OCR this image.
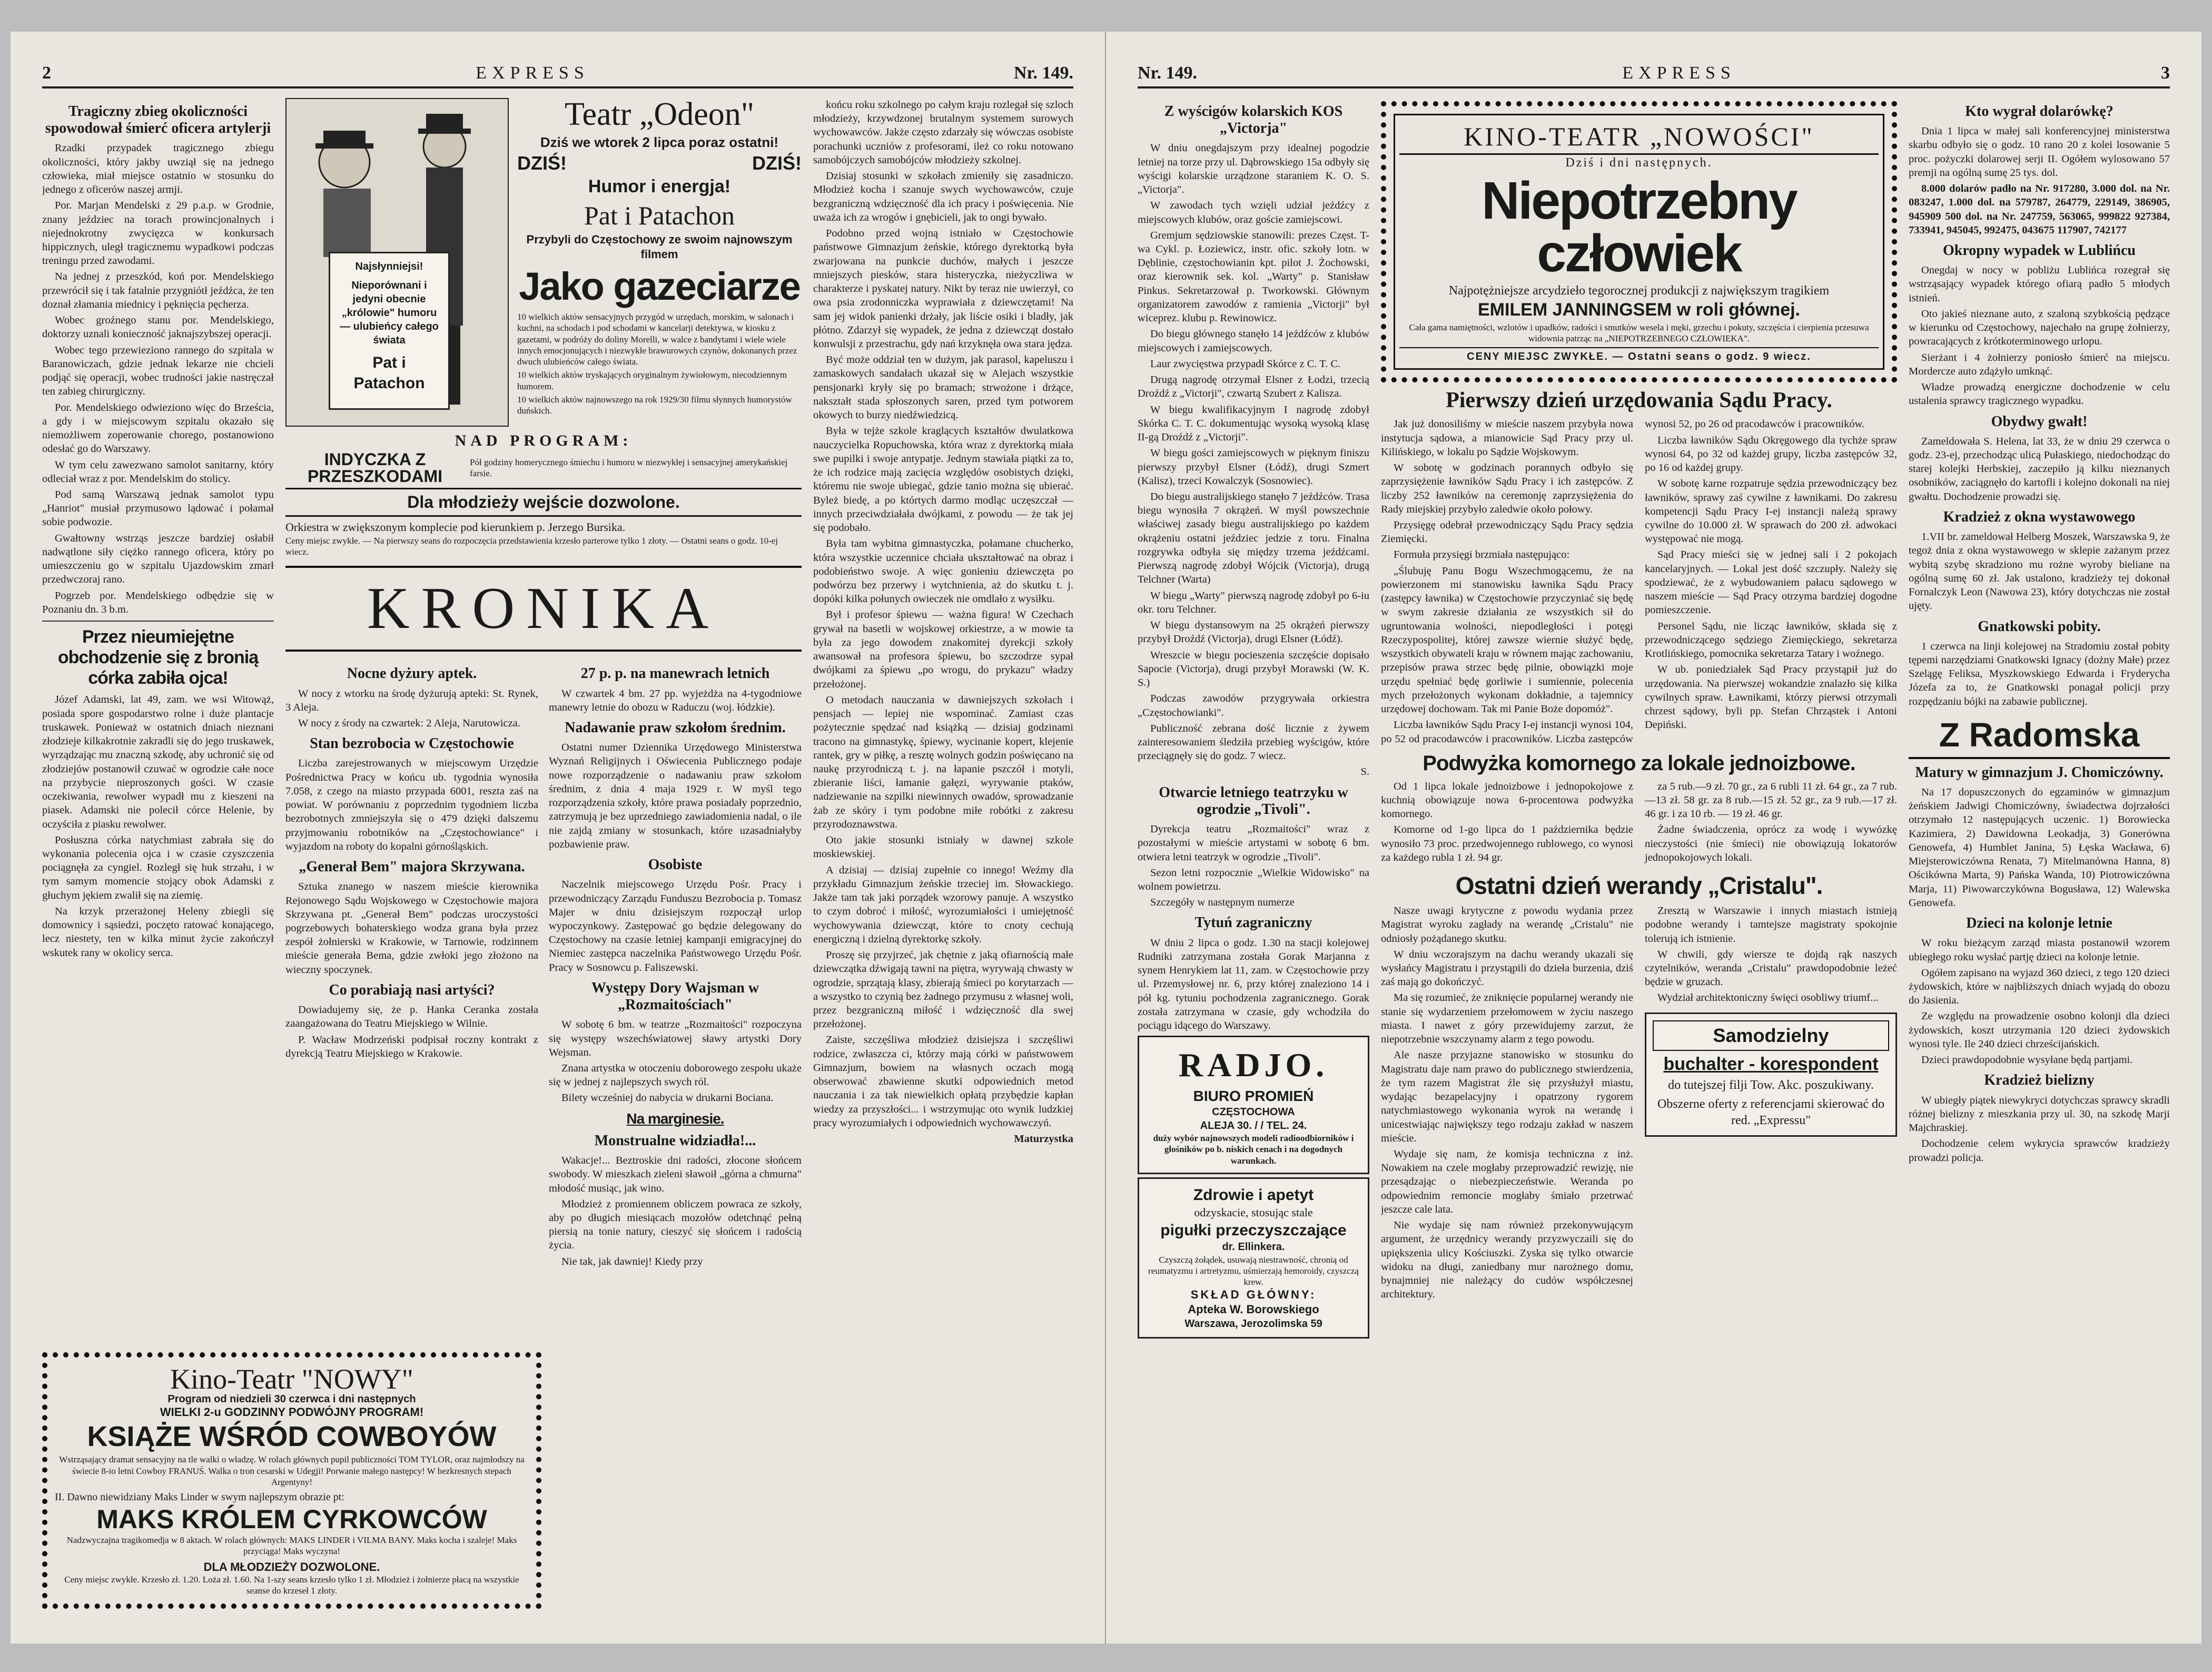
2	EXPRESS	Nr. 149.
Tragiczny zbieg okoliczności spowodował śmierć oficera artylerji

Rzadki przypadek tragicznego zbiegu okoliczności, który jakby uwziął się na jednego człowieka, miał miejsce ostatnio w stosunku do jednego z oficerów naszej armji.

Por. Marjan Mendelski z 29 p.a.p. w Grodnie, znany jeździec na torach prowincjonalnych i niejednokrotny zwycięzca w konkursach hippicznych, uległ tragicznemu wypadkowi podczas treningu przed zawodami.

Na jednej z przeszkód, koń por. Mendelskiego przewrócił się i tak fatalnie przygniótł jeźdźca, że ten doznał złamania miednicy i pęknięcia pęcherza.

Wobec groźnego stanu por. Mendelskiego, doktorzy uznali konieczność jaknajszybszej operacji.

Wobec tego przewieziono rannego do szpitala w Baranowiczach, gdzie jednak lekarze nie chcieli podjąć się operacji, wobec trudności jakie nastręczał ten zabieg chirurgiczny.

Por. Mendelskiego odwieziono więc do Brześcia, a gdy i w miejscowym szpitalu okazało się niemożliwem zoperowanie chorego, postanowiono odesłać go do Warszawy.

W tym celu zawezwano samolot sanitarny, który odleciał wraz z por. Mendelskim do stolicy.

Pod samą Warszawą jednak samolot typu „Hanriot" musiał przymusowo lądować i połamał sobie podwozie.

Gwałtowny wstrząs jeszcze bardziej osłabił nadwątlone siły ciężko rannego oficera, który po umieszczeniu go w szpitalu Ujazdowskim zmarł przedwczoraj rano.

Pogrzeb por. Mendelskiego odbędzie się w Poznaniu dn. 3 b.m.

Przez nieumiejętne obchodzenie się z bronią córka zabiła ojca!

Józef Adamski, lat 49, zam. we wsi Witowąż, posiada spore gospodarstwo rolne i duże plantacje truskawek. Ponieważ w ostatnich dniach nieznani złodzieje kilkakrotnie zakradli się do jego truskawek, wyrządzając mu znaczną szkodę, aby uchronić się od złodziejów postanowił czuwać w ogrodzie całe noce na przybycie nieproszonych gości. W czasie oczekiwania, rewolwer wypadł mu z kieszeni na piasek. Adamski nie polecił córce Helenie, by oczyściła z piasku rewolwer.

Posłuszna córka natychmiast zabrała się do wykonania polecenia ojca i w czasie czyszczenia pociągnęła za cyngiel. Rozległ się huk strzału, i w tym samym momencie stojący obok Adamski z głuchym jękiem zwalił się na ziemię.

Na krzyk przerażonej Heleny zbiegli się domownicy i sąsiedzi, poczęto ratować konającego, lecz niestety, ten w kilka minut życie zakończył wskutek rany w okolicy serca.

Najsłynniejsi!
Nieporównani i jedyni obecnie „królowie" humoru — ulubieńcy całego świata
Pat i Patachon
Teatr „Odeon"
Dziś we wtorek 2 lipca poraz ostatni!
DZIŚ!	DZIŚ!
Humor i energja!
Pat i Patachon
Przybyli do Częstochowy ze swoim najnowszym filmem
Jako gazeciarze
10 wielkich aktów sensacyjnych przygód w urzędach, morskim, w salonach i kuchni, na schodach i pod schodami w kancelarji detektywa, w kiosku z gazetami, w podróży do doliny Morelli, w walce z bandytami i wiele wiele innych emocjonujących i niezwykłe brawurowych czynów, dokonanych przez dwuch ulubieńców całego świata.
10 wielkich aktów tryskających oryginalnym żywiołowym, niecodziennym humorem.
10 wielkich aktów najnowszego na rok 1929/30 filmu słynnych humorystów duńskich.
NAD PROGRAM:
INDYCZKA Z PRZESZKODAMI
Pół godziny homerycznego śmiechu i humoru w niezwykłej i sensacyjnej amerykańskiej farsie.
Dla młodzieży wejście dozwolone.
Orkiestra w zwiększonym komplecie pod kierunkiem p. Jerzego Bursika.
Ceny miejsc zwykłe. — Na pierwszy seans do rozpoczęcia przedstawienia krzesło parterowe tylko 1 złoty. — Ostatni seans o godz. 10-ej wiecz.
KRONIKA
Nocne dyżury aptek.

W nocy z wtorku na środę dyżurują apteki: St. Rynek, 3 Aleja.

W nocy z środy na czwartek: 2 Aleja, Narutowicza.

Stan bezrobocia w Częstochowie

Liczba zarejestrowanych w miejscowym Urzędzie Pośrednictwa Pracy w końcu ub. tygodnia wynosiła 7.058, z czego na miasto przypada 6001, reszta zaś na powiat. W porównaniu z poprzednim tygodniem liczba bezrobotnych zmniejszyła się o 479 dzięki dalszemu przyjmowaniu robotników na „Częstochowiance" i wyjazdom na roboty do kopalni górnośląskich.

„Generał Bem" majora Skrzywana.

Sztuka znanego w naszem mieście kierownika Rejonowego Sądu Wojskowego w Częstochowie majora Skrzywana pt. „Generał Bem" podczas uroczystości pogrzebowych bohaterskiego wodza grana była przez zespół żołnierski w Krakowie, w Tarnowie, rodzinnem mieście generała Bema, gdzie zwłoki jego złożono na wieczny spoczynek.

Co porabiają nasi artyści?

Dowiadujemy się, że p. Hanka Ceranka została zaangażowana do Teatru Miejskiego w Wilnie.

P. Wacław Modrzeński podpisał roczny kontrakt z dyrekcją Teatru Miejskiego w Krakowie.

27 p. p. na manewrach letnich

W czwartek 4 bm. 27 pp. wyjeżdża na 4-tygodniowe manewry letnie do obozu w Raduczu (woj. łódzkie).

Nadawanie praw szkołom średnim.

Ostatni numer Dziennika Urzędowego Ministerstwa Wyznań Religijnych i Oświecenia Publicznego podaje nowe rozporządzenie o nadawaniu praw szkołom średnim, z dnia 4 maja 1929 r. W myśl tego rozporządzenia szkoły, które prawa posiadały poprzednio, zatrzymują je bez uprzedniego zawiadomienia nadal, o ile nie zajdą zmiany w stosunkach, które uzasadniałyby pozbawienie praw.

Osobiste

Naczelnik miejscowego Urzędu Pośr. Pracy i przewodniczący Zarządu Funduszu Bezrobocia p. Tomasz Majer w dniu dzisiejszym rozpoczął urlop wypoczynkowy. Zastępować go będzie delegowany do Częstochowy na czasie letniej kampanji emigracyjnej do Niemiec zastępca naczelnika Państwowego Urzędu Pośr. Pracy w Sosnowcu p. Faliszewski.

Występy Dory Wajsman w „Rozmaitościach"

W sobotę 6 bm. w teatrze „Rozmaitości" rozpoczyna się występy wszechświatowej sławy artystki Dory Wejsman.

Znana artystka w otoczeniu doborowego zespołu ukaże się w jednej z najlepszych swych ról.

Bilety wcześniej do nabycia w drukarni Bociana.

Na marginesie.
Monstrualne widziadła!...

Wakacje!... Beztroskie dni radości, złocone słońcem swobody. W mieszkach zieleni sławoił „górna a chmurna" młodość musiąc, jak wino.

Młodzież z promiennem obliczem powraca ze szkoły, aby po długich miesiącach mozołów odetchnąć pełną piersią na tonie natury, cieszyć się słońcem i radością życia.

Nie tak, jak dawniej! Kiedy przy

końcu roku szkolnego po całym kraju rozlegał się szloch młodzieży, krzywdzonej brutalnym systemem surowych wychowawców. Jakże często zdarzały się wówczas osobiste porachunki uczniów z profesorami, ileż co roku notowano samobójczych samobójców młodzieży szkolnej.

Dzisiaj stosunki w szkołach zmieniły się zasadniczo. Młodzież kocha i szanuje swych wychowawców, czuje bezgraniczną wdzięczność dla ich pracy i poświęcenia. Nie uważa ich za wrogów i gnębicieli, jak to ongi bywało.

Podobno przed wojną istniało w Częstochowie państwowe Gimnazjum żeńskie, którego dyrektorką była zwarjowana na punkcie duchów, małych i jeszcze mniejszych piesków, stara histeryczka, nieżyczliwa w charakterze i pyskatej natury. Nikt by teraz nie uwierzył, co owa psia zrodonniczka wyprawiała z dziewczętami! Na sam jej widok panienki drżały, jak liście osiki i bladły, jak płótno. Zdarzył się wypadek, że jedna z dziewcząt dostało konwulsji z przestrachu, gdy nań krzyknęła owa stara jędza.

Być może oddział ten w dużym, jak parasol, kapeluszu i zamaskowych sandałach ukazał się w Alejach wszystkie pensjonarki kryły się po bramach; strwożone i drżące, nakształt stada spłoszonych saren, przed tym potworem okowych to burzy niedźwiedzicą.

Była w tejże szkole kraglących kształtów dwulatkowa nauczycielka Ropuchowska, która wraz z dyrektorką miała swe pupilki i swoje antypatje. Jednym stawiała piątki za to, że ich rodzice mają zacięcia względów osobistych dzięki, któremu nie swoje ubiegać, gdzie tanio można się ubierać. Byleż biedę, a po którtych darmo modląc uczęszczał — innych przeciwdziałała dwójkami, z powodu — że tak jej się podobało.

Była tam wybitna gimnastyczka, połamane chucherko, która wszystkie uczennice chciała ukształtować na obraz i podobieństwo swoje. A więc gonieniu dziewczęta po podwórzu bez przerwy i wytchnienia, aż do skutku t. j. dopóki kilka połunych owieczek nie omdlało z wysiłku.

Był i profesor śpiewu — ważna figura! W Czechach grywał na basetli w wojskowej orkiestrze, a w mowie ta była za jego dowodem znakomitej dyrekcji szkoły awansował na profesora śpiewu, bo szczodrze sypał dwójkami za śpiewu „po wrogu, do prykazu" władzy przełożonej.

O metodach nauczania w dawniejszych szkołach i pensjach — lepiej nie wspominać. Zamiast czas pożytecznie spędzać nad książką — dzisiaj godzinami tracono na gimnastykę, śpiewy, wycinanie kopert, klejenie rantek, gry w piłkę, a resztę wolnych godzin poświęcano na naukę przyrodniczą t. j. na łapanie pszczół i motyli, zbieranie liści, łamanie gałęzi, wyrywanie ptaków, nadziewanie na szpilki niewinnych owadów, sprowadzanie żab ze skóry i tym podobne miłe robótki z zakresu przyrodoznawstwa.

Oto jakie stosunki istniały w dawnej szkole moskiewskiej.

A dzisiaj — dzisiaj zupełnie co innego! Weźmy dla przykładu Gimnazjum żeńskie trzeciej im. Słowackiego. Jakże tam tak jaki porządek wzorowy panuje. A wszystko to czym dobroć i miłość, wyrozumiałości i umiejętność wychowywania dziewcząt, które to cnoty cechują energiczną i dzielną dyrektorkę szkoły.

Proszę się przyjrzeć, jak chętnie z jaką ofiarnością małe dziewczątka dźwigają tawni na piętra, wyrywają chwasty w ogrodzie, sprzątają klasy, zbierają śmieci po korytarzach — a wszystko to czynią bez żadnego przymusu z własnej woli, przez bezgraniczną miłość i wdzięczność dla swej przełożonej.

Zaiste, szczęśliwa młodzież dzisiejsza i szczęśliwi rodzice, zwłaszcza ci, którzy mają córki w państwowem Gimnazjum, bowiem na własnych oczach mogą obserwować zbawienne skutki odpowiednich metod nauczania i za tak niewielkich opłatą przybędzie kapłan wiedzy za przyszłości... i wstrzymując oto wynik ludzkiej pracy wyrozumiałych i odpowiednich wychowawczyń.

Maturzystka
Kino-Teatr "NOWY"
Program od niedzieli 30 czerwca i dni następnych
WIELKI 2-u GODZINNY PODWÓJNY PROGRAM!
KSIĄŻE WŚRÓD COWBOYÓW
Wstrząsający dramat sensacyjny na tle walki o władzę. W rolach głównych pupil publiczności TOM TYLOR, oraz najmłodszy na świecie 8-io letni Cowboy FRANUŚ. Walka o tron cesarski w Udegji! Porwanie małego następcy! W bezkresnych stepach Argentyny!
II. Dawno niewidziany Maks Linder w swym najlepszym obrazie pt:
MAKS KRÓLEM CYRKOWCÓW
Nadzwyczajna tragikomedja w 8 aktach. W rolach głównych: MAKS LINDER i VILMA BANY. Maks kocha i szaleje! Maks przyciąga! Maks wyczyna!
DLA MŁODZIEŻY DOZWOLONE.
Ceny miejsc zwykłe. Krzesło zł. 1.20. Loża zł. 1.60. Na 1-szy seans krzesło tylko 1 zł. Młodzież i żołnierze płacą na wszystkie seanse do krzeseł 1 złoty.
Nr. 149.	EXPRESS	3
Z wyścigów kolarskich KOS „Victorja"

W dniu onegdajszym przy idealnej pogodzie letniej na torze przy ul. Dąbrowskiego 15a odbyły się wyścigi kolarskie urządzone staraniem K. O. S. „Victorja".

W zawodach tych wzięli udział jeźdźcy z miejscowych klubów, oraz goście zamiejscowi.

Gremjum sędziowskie stanowili: prezes Częst. T-wa Cykl. p. Łoziewicz, instr. ofic. szkoły lotn. w Dęblinie, częstochowianin kpt. pilot J. Żochowski, oraz kierownik sek. kol. „Warty" p. Stanisław Pinkus. Sekretarzował p. Tworkowski. Głównym organizatorem zawodów z ramienia „Victorji" był wiceprez. klubu p. Rewinowicz.

Do biegu głównego stanęło 14 jeźdźców z klubów miejscowych i zamiejscowych.

Laur zwycięstwa przypadł Skórce z C. T. C.

Drugą nagrodę otrzymał Elsner z Łodzi, trzecią Droźdź z „Victorji", czwartą Szubert z Kalisza.

W biegu kwalifikacyjnym I nagrodę zdobył Skórka C. T. C. dokumentując wysoką wysoką klasę II-gą Droźdź z „Victorji".

W biegu gości zamiejscowych w pięknym finiszu pierwszy przybył Elsner (Łódź), drugi Szmert (Kalisz), trzeci Kowalczyk (Sosnowiec).

Do biegu australijskiego stanęło 7 jeźdźców. Trasa biegu wynosiła 7 okrążeń. W myśl powszechnie właściwej zasady biegu australijskiego po każdem okrążeniu ostatni jeździec jedzie z toru. Finalna rozgrywka odbyła się między trzema jeźdźcami. Pierwszą nagrodę zdobył Wójcik (Victorja), drugą Telchner (Warta)

W biegu „Warty" pierwszą nagrodę zdobył po 6-iu okr. toru Telchner.

W biegu dystansowym na 25 okrążeń pierwszy przybył Droźdź (Victorja), drugi Elsner (Łódź).

Wreszcie w biegu pocieszenia szczęście dopisało Sapocie (Victorja), drugi przybył Morawski (W. K. S.)

Podczas zawodów przygrywała orkiestra „Częstochowianki".

Publiczność zebrana dość licznie z żywem zainteresowaniem śledziła przebieg wyścigów, które przeciągnęły się do godz. 7 wiecz.

S.
Otwarcie letniego teatrzyku w ogrodzie „Tivoli".

Dyrekcja teatru „Rozmaitości" wraz z pozostałymi w mieście artystami w sobotę 6 bm. otwiera letni teatrzyk w ogrodzie „Tivoli".

Sezon letni rozpocznie „Wielkie Widowisko" na wolnem powietrzu.

Szczegóły w następnym numerze

Tytuń zagraniczny

W dniu 2 lipca o godz. 1.30 na stacji kolejowej Rudniki zatrzymana została Gorak Marjanna z synem Henrykiem lat 11, zam. w Częstochowie przy ul. Przemysłowej nr. 6, przy której znaleziono 14 i pół kg. tytuniu pochodzenia zagranicznego. Gorak została zatrzymana w czasie, gdy wchodziła do pociągu idącego do Warszawy.

RADJO.
BIURO PROMIEŃ
CZĘSTOCHOWA
ALEJA 30. / / TEL. 24.
duży wybór najnowszych modeli radioodbiorników i głośników po b. niskich cenach i na dogodnych warunkach.
Zdrowie i apetyt
odzyskacie, stosując stale
pigułki przeczyszczające
dr. Ellinkera.
Czyszczą żołądek, usuwają niestrawność, chronią od reumatyzmu i artretyzmu, uśmierzają hemoroidy, czyszczą krew.
SKŁAD GŁÓWNY:
Apteka W. Borowskiego
Warszawa, Jerozolimska 59
KINO-TEATR „NOWOŚCI"
Dziś i dni następnych.
Niepotrzebny człowiek
Najpotężniejsze arcydzieło tegorocznej produkcji z największym tragikiem
EMILEM JANNINGSEM w roli głównej.
Cała gama namiętności, wzlotów i upadków, radości i smutków wesela i męki, grzechu i pokuty, szczęścia i cierpienia przesuwa widownia patrząc na „NIEPOTRZEBNEGO CZŁOWIEKA".
CENY MIEJSC ZWYKŁE. — Ostatni seans o godz. 9 wiecz.
Pierwszy dzień urzędowania Sądu Pracy.

Jak już donosiliśmy w mieście naszem przybyła nowa instytucja sądowa, a mianowicie Sąd Pracy przy ul. Kilińskiego, w lokalu po Sądzie Wojskowym.

W sobotę w godzinach porannych odbyło się zaprzysiężenie ławników Sądu Pracy i ich zastępców. Z liczby 252 ławników na ceremonję zaprzysiężenia do Rady miejskiej przybyło zaledwie około połowy.

Przysięgę odebrał przewodniczący Sądu Pracy sędzia Ziemięcki.

Formuła przysięgi brzmiała następująco:

„Ślubuję Panu Bogu Wszechmogącemu, że na powierzonem mi stanowisku ławnika Sądu Pracy (zastępcy ławnika) w Częstochowie przyczyniać się będę w swym zakresie działania ze wszystkich sił do ugruntowania wolności, niepodległości i potęgi Rzeczypospolitej, której zawsze wiernie służyć będę, wszystkich obywateli kraju w równem mając zachowaniu, przepisów prawa strzec będę pilnie, obowiązki moje urzędu spełniać będę gorliwie i sumiennie, polecenia mych przełożonych wykonam dokładnie, a tajemnicy urzędowej dochowam. Tak mi Panie Boże dopomóż".

Liczba ławników Sądu Pracy I-ej instancji wynosi 104, po 52 od pracodawców i pracowników. Liczba zastępców wynosi 52, po 26 od pracodawców i pracowników.

Liczba ławników Sądu Okręgowego dla tychże spraw wynosi 64, po 32 od każdej grupy, liczba zastępców 32, po 16 od każdej grupy.

W sobotę karne rozpatruje sędzia przewodniczący bez ławników, sprawy zaś cywilne z ławnikami. Do zakresu kompetencji Sądu Pracy I-ej instancji należą sprawy cywilne do 10.000 zł. W sprawach do 200 zł. adwokaci występować nie mogą.

Sąd Pracy mieści się w jednej sali i 2 pokojach kancelaryjnych. — Lokal jest dość szczupły. Należy się spodziewać, że z wybudowaniem pałacu sądowego w naszem mieście — Sąd Pracy otrzyma bardziej dogodne pomieszczenie.

Personel Sądu, nie licząc ławników, składa się z przewodniczącego sędziego Ziemięckiego, sekretarza Krotlińskiego, pomocnika sekretarza Tatary i woźnego.

W ub. poniedziałek Sąd Pracy przystąpił już do urzędowania. Na pierwszej wokandzie znalazło się kilka cywilnych spraw. Ławnikami, którzy pierwsi otrzymali chrzest sądowy, byli pp. Stefan Chrząstek i Antoni Depiński.

Podwyżka komornego za lokale jednoizbowe.

Od 1 lipca lokale jednoizbowe i jednopokojowe z kuchnią obowiązuje nowa 6-procentowa podwyżka komornego.

Komorne od 1-go lipca do 1 października będzie wynosiło 73 proc. przedwojennego rublowego, co wynosi za każdego rubla 1 zł. 94 gr.

za 5 rub.—9 zł. 70 gr., za 6 rubli 11 zł. 64 gr., za 7 rub.—13 zł. 58 gr. za 8 rub.—15 zł. 52 gr., za 9 rub.—17 zł. 46 gr. i za 10 rb. — 19 zł. 46 gr.

Żadne świadczenia, oprócz za wodę i wywózkę nieczystości (nie śmieci) nie obowiązują lokatorów jednopokojowych lokali.

Ostatni dzień werandy „Cristalu".

Nasze uwagi krytyczne z powodu wydania przez Magistrat wyroku zagłady na werandę „Cristalu" nie odniosły pożądanego skutku.

W dniu wczorajszym na dachu werandy ukazali się wysłańcy Magistratu i przystąpili do dzieła burzenia, dziś zaś mają go dokończyć.

Ma się rozumieć, że zniknięcie popularnej werandy nie stanie się wydarzeniem przełomowem w życiu naszego miasta. I nawet z góry przewidujemy zarzut, że niepotrzebnie wszczynamy alarm z tego powodu.

Ale nasze przyjazne stanowisko w stosunku do Magistratu daje nam prawo do publicznego stwierdzenia, że tym razem Magistrat źle się przysłużył miastu, wydając bezapelacyjny i opatrzony rygorem natychmiastowego wykonania wyrok na werandę i unicestwiając największy tego rodzaju zakład w naszem mieście.

Wydaje się nam, że komisja techniczna z inż. Nowakiem na czele mogłaby przeprowadzić rewizję, nie przesądzając o niebezpieczeństwie. Weranda po odpowiednim remoncie mogłaby śmiało przetrwać jeszcze cale lata.

Nie wydaje się nam również przekonywującym argument, że urzędnicy werandy przyzwyczaili się do upiększenia ulicy Kościuszki. Zyska się tylko otwarcie widoku na długi, zaniedbany mur narożnego domu, bynajmniej nie należący do cudów współczesnej architektury.

Zresztą w Warszawie i innych miastach istnieją podobne werandy i tamtejsze magistraty spokojnie tolerują ich istnienie.

W chwili, gdy wiersze te dojdą rąk naszych czytelników, weranda „Cristalu" prawdopodobnie leżeć będzie w gruzach.

Wydział architektoniczny święci osobliwy triumf...

Samodzielny
buchalter - korespondent
do tutejszej filji Tow. Akc. poszukiwany.
Obszerne oferty z referencjami skierować do red. „Expressu"
Kto wygrał dolarówkę?

Dnia 1 lipca w małej sali konferencyjnej ministerstwa skarbu odbyło się o godz. 10 rano 20 z kolei losowanie 5 proc. pożyczki dolarowej serji II. Ogółem wylosowano 57 premji na ogólną sumę 25 tys. dol.

8.000 dolarów padło na Nr. 917280, 3.000 dol. na Nr. 083247, 1.000 dol. na 579787, 264779, 229149, 386905, 945909 500 dol. na Nr. 247759, 563065, 999822 927384, 733941, 945045, 992475, 043675 117907, 742177

Okropny wypadek w Lublińcu

Onegdaj w nocy w pobliżu Lublińca rozegrał się wstrząsający wypadek którego ofiarą padło 5 młodych istnień.

Oto jakieś nieznane auto, z szaloną szybkością pędzące w kierunku od Częstochowy, najechało na grupę żołnierzy, powracających z krótkoterminowego urlopu.

Sierżant i 4 żołnierzy poniosło śmierć na miejscu. Mordercze auto zdążyło umknąć.

Władze prowadzą energiczne dochodzenie w celu ustalenia sprawcy tragicznego wypadku.

Obydwy gwałt!

Zameldowała S. Helena, lat 33, że w dniu 29 czerwca o godz. 23-ej, przechodząc ulicą Pułaskiego, niedochodząc do starej kolejki Herbskiej, zaczepiło ją kilku nieznanych osobników, zaciągnęło do kartofli i kolejno dokonali na niej gwałtu. Dochodzenie prowadzi się.

Kradzież z okna wystawowego

1.VII br. zameldował Helberg Moszek, Warszawska 9, że tegoż dnia z okna wystawowego w sklepie zażanym przez wybitą szybę skradziono mu rożne wyroby bieliane na ogólną sumę 60 zł. Jak ustalono, kradzieży tej dokonał Fornalczyk Leon (Nawowa 23), który dotychczas nie został ujęty.

Gnatkowski pobity.

1 czerwca na linji kolejowej na Stradomiu został pobity tępemi narzędziami Gnatkowski Ignacy (dożny Małe) przez Szelągę Feliksa, Myszkowskiego Edwarda i Fryderycha Józefa za to, że Gnatkowski ponagał policji przy rozpędzaniu bójki na zabawie publicznej.

Z Radomska
Matury w gimnazjum J. Chomiczówny.

Na 17 dopuszczonych do egzaminów w gimnazjum żeńskiem Jadwigi Chomiczówny, świadectwa dojrzałości otrzymało 12 następujących uczenic. 1) Borowiecka Kazimiera, 2) Dawidowna Leokadja, 3) Gonerówna Genowefa, 4) Humblet Janina, 5) Łęska Wacława, 6) Miejsterowiczówna Renata, 7) Mitelmanówna Hanna, 8) Ościkówna Marta, 9) Pańska Wanda, 10) Piotrowiczówna Marja, 11) Piwowarczykówna Bogusława, 12) Walewska Genowefa.

Dzieci na kolonje letnie

W roku bieżącym zarząd miasta postanowił wzorem ubiegłego roku wysłać partję dzieci na kolonje letnie.

Ogółem zapisano na wyjazd 360 dzieci, z tego 120 dzieci żydowskich, które w najbliższych dniach wyjadą do obozu do Jasienia.

Ze względu na prowadzenie osobno kolonji dla dzieci żydowskich, koszt utrzymania 120 dzieci żydowskich wynosi tyle. Ile 240 dzieci chrześcijańskich.

Dzieci prawdopodobnie wysyłane będą partjami.

Kradzież bielizny

W ubiegły piątek niewykryci dotychczas sprawcy skradli różnej bielizny z mieszkania przy ul. 30, na szkodę Marji Majchraskiej.

Dochodzenie celem wykrycia sprawców kradzieży prowadzi policja.
